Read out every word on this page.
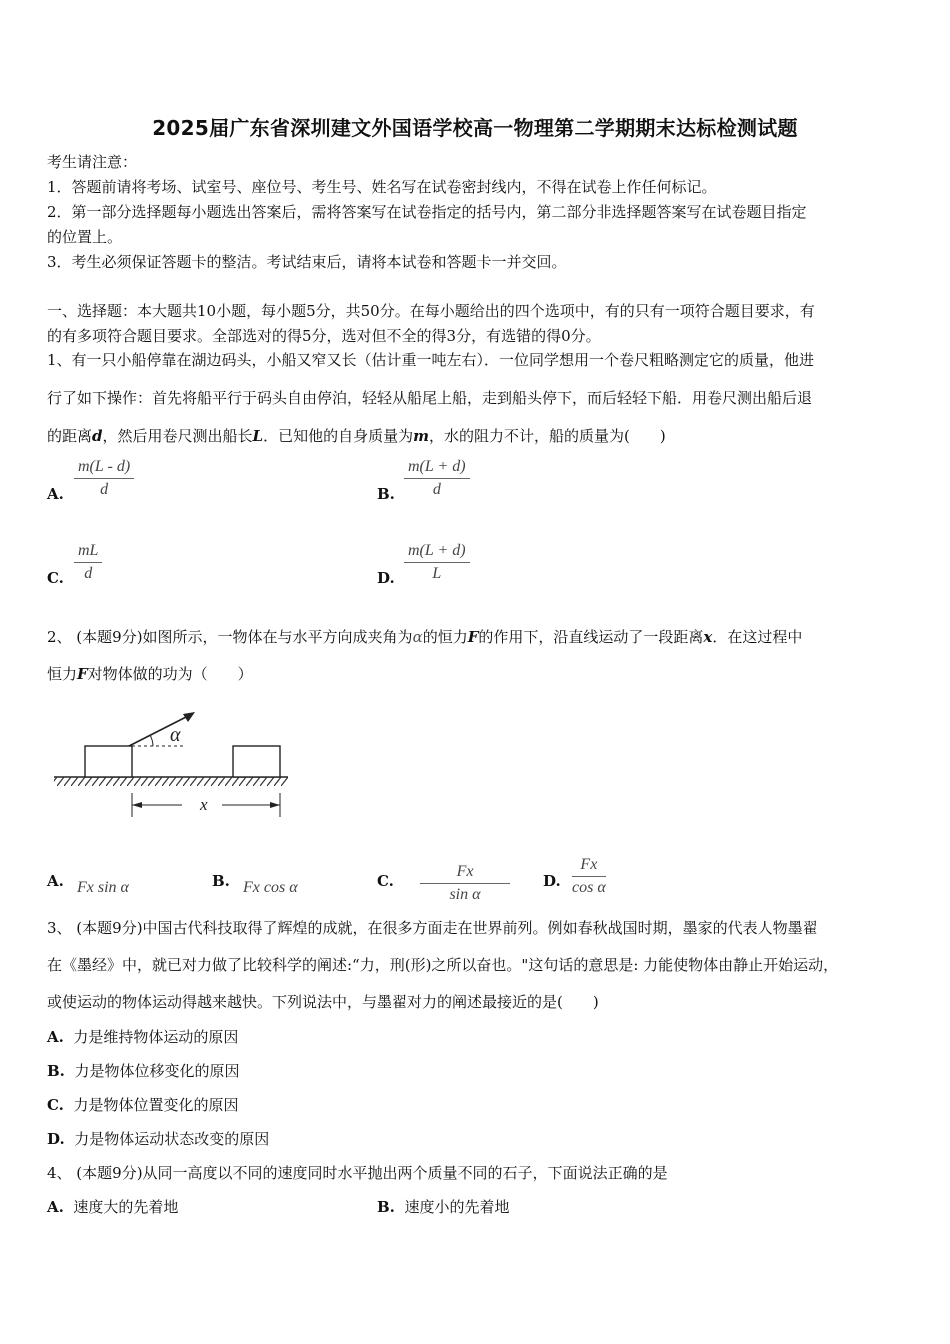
2025届广东省深圳建文外国语学校高一物理第二学期期末达标检测试题
考生请注意：
1．答题前请将考场、试室号、座位号、考生号、姓名写在试卷密封线内，不得在试卷上作任何标记。
2．第一部分选择题每小题选出答案后，需将答案写在试卷指定的括号内，第二部分非选择题答案写在试卷题目指定
的位置上。
3．考生必须保证答题卡的整洁。考试结束后，请将本试卷和答题卡一并交回。
一、选择题：本大题共10小题，每小题5分，共50分。在每小题给出的四个选项中，有的只有一项符合题目要求，有
的有多项符合题目要求。全部选对的得5分，选对但不全的得3分，有选错的得0分。
1、有一只小船停靠在湖边码头，小船又窄又长（估计重一吨左右）．一位同学想用一个卷尺粗略测定它的质量，他进
行了如下操作：首先将船平行于码头自由停泊，轻轻从船尾上船，走到船头停下，而后轻轻下船．用卷尺测出船后退
的距离d，然后用卷尺测出船长L．已知他的自身质量为m，水的阻力不计，船的质量为(　　)
A. $\frac{m(L - d)}{d}$	B. $\frac{m(L + d)}{d}$
C. $\frac{mL}{d}$	D. $\frac{m(L + d)}{L}$
2、 (本题9分)如图所示，一物体在与水平方向成夹角为α的恒力F的作用下，沿直线运动了一段距离x．在这过程中
恒力F对物体做的功为（　　）
α
x
A. Fx sin α	B. Fx cos α	C. $\frac{Fx}{\text{sin α}} D$. $\frac{Fx}{\text{cos α}}$
3、 (本题9分)中国古代科技取得了辉煌的成就，在很多方面走在世界前列。例如春秋战国时期，墨家的代表人物墨翟
在《墨经》中，就已对力做了比较科学的阐述:“力，刑(形)之所以奋也。"这句话的意思是: 力能使物体由静止开始运动，
或使运动的物体运动得越来越快。下列说法中，与墨翟对力的阐述最接近的是(　　)
A. 力是维持物体运动的原因
B. 力是物体位移变化的原因
C. 力是物体位置变化的原因
D. 力是物体运动状态改变的原因
4、 (本题9分)从同一高度以不同的速度同时水平抛出两个质量不同的石子，下面说法正确的是
A. 速度大的先着地	B. 速度小的先着地
